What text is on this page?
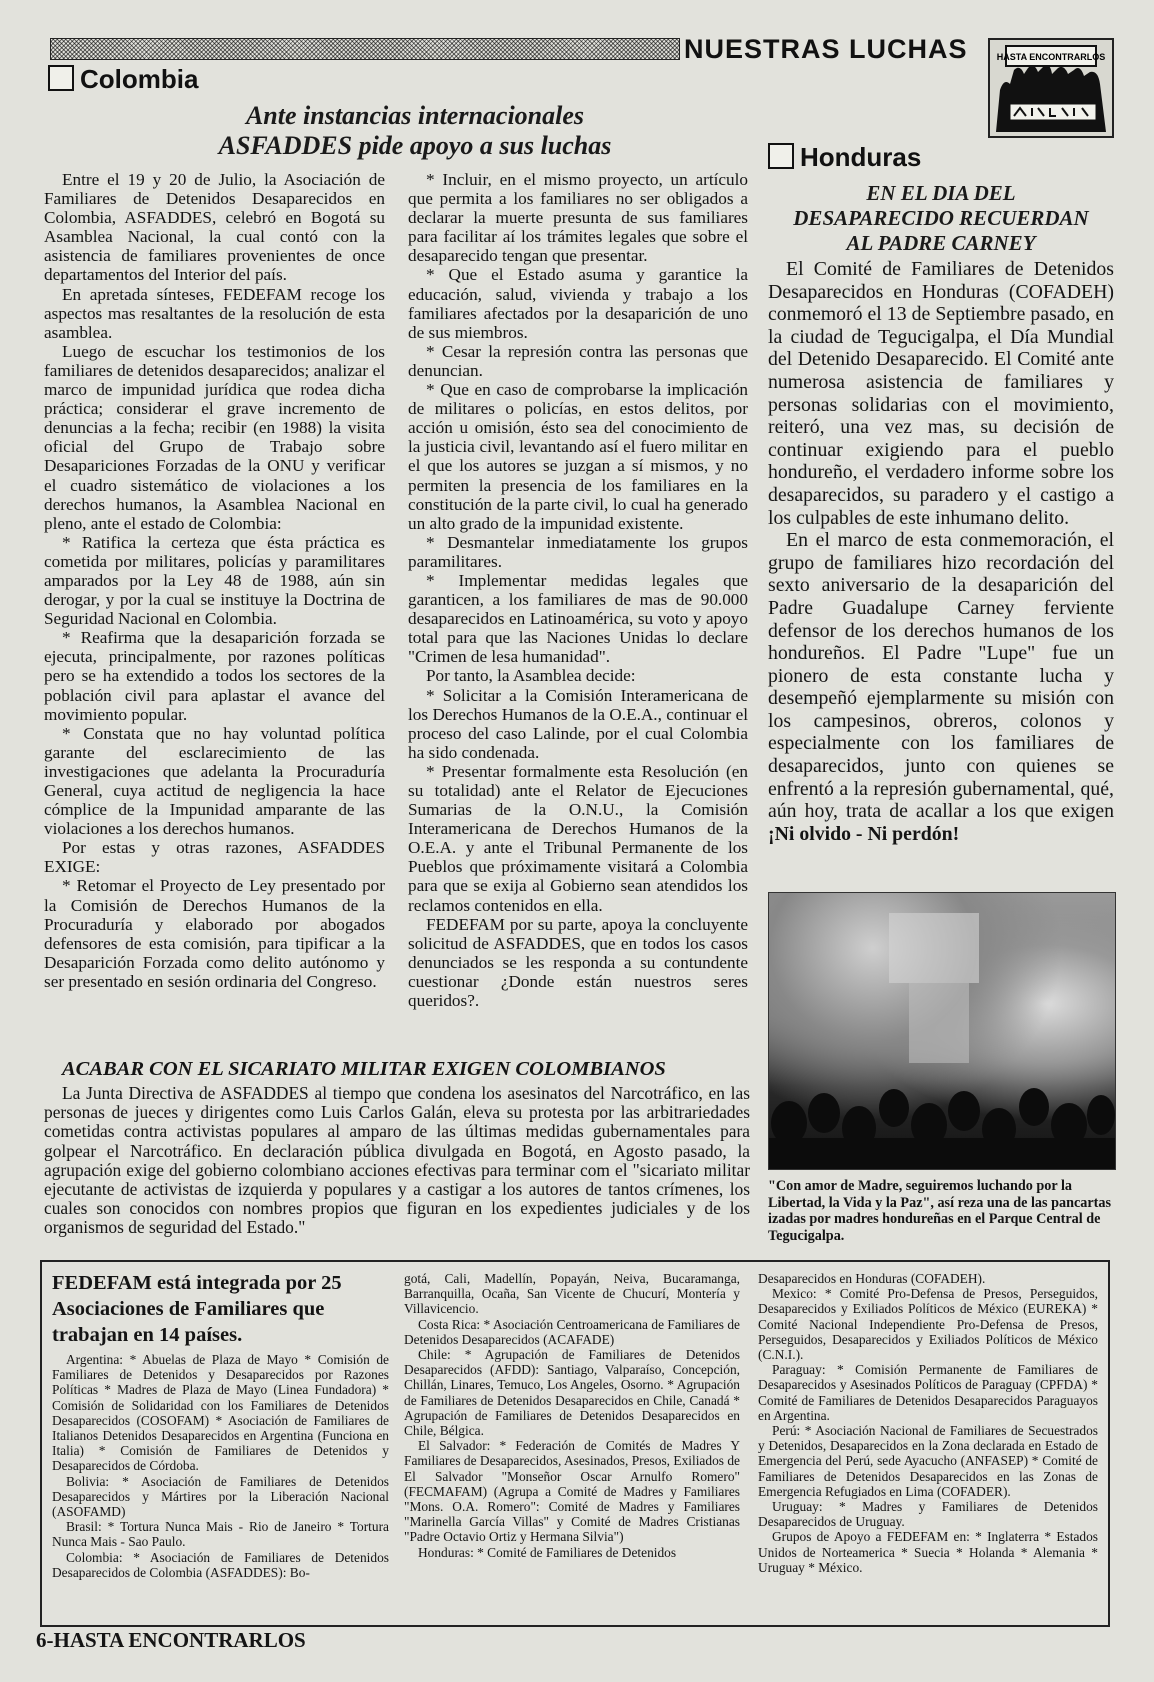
NUESTRAS LUCHAS	HASTA ENCONTRARLOS
Colombia
Ante instancias internacionales
ASFADDES pide apoyo a sus luchas

Entre el 19 y 20 de Julio, la Asociación de Familiares de Detenidos Desaparecidos en Colombia, ASFADDES, celebró en Bogotá su Asamblea Nacional, la cual contó con la asistencia de familiares provenientes de once departamentos del Interior del país.

En apretada sínteses, FEDEFAM recoge los aspectos mas resaltantes de la resolución de esta asamblea.

Luego de escuchar los testimonios de los familiares de detenidos desaparecidos; analizar el marco de impunidad jurídica que rodea dicha práctica; considerar el grave incremento de denuncias a la fecha; recibir (en 1988) la visita oficial del Grupo de Trabajo sobre Desapariciones Forzadas de la ONU y verificar el cuadro sistemático de violaciones a los derechos humanos, la Asamblea Nacional en pleno, ante el estado de Colombia:

* Ratifica la certeza que ésta práctica es cometida por militares, policías y paramilitares amparados por la Ley 48 de 1988, aún sin derogar, y por la cual se instituye la Doctrina de Seguridad Nacional en Colombia.

* Reafirma que la desaparición forzada se ejecuta, principalmente, por razones políticas pero se ha extendido a todos los sectores de la población civil para aplastar el avance del movimiento popular.

* Constata que no hay voluntad política garante del esclarecimiento de las investigaciones que adelanta la Procuraduría General, cuya actitud de negligencia la hace cómplice de la Impunidad amparante de las violaciones a los derechos humanos.

Por estas y otras razones, ASFADDES EXIGE:

* Retomar el Proyecto de Ley presentado por la Comisión de Derechos Humanos de la Procuraduría y elaborado por abogados defensores de esta comisión, para tipificar a la Desaparición Forzada como delito autónomo y ser presentado en sesión ordinaria del Congreso.

* Incluir, en el mismo proyecto, un artículo que permita a los familiares no ser obligados a declarar la muerte presunta de sus familiares para facilitar aí los trámites legales que sobre el desaparecido tengan que presentar.

* Que el Estado asuma y garantice la educación, salud, vivienda y trabajo a los familiares afectados por la desaparición de uno de sus miembros.

* Cesar la represión contra las personas que denuncian.

* Que en caso de comprobarse la implicación de militares o policías, en estos delitos, por acción u omisión, ésto sea del conocimiento de la justicia civil, levantando así el fuero militar en el que los autores se juzgan a sí mismos, y no permiten la presencia de los familiares en la constitución de la parte civil, lo cual ha generado un alto grado de la impunidad existente.

* Desmantelar inmediatamente los grupos paramilitares.

* Implementar medidas legales que garanticen, a los familiares de mas de 90.000 desaparecidos en Latinoamérica, su voto y apoyo total para que las Naciones Unidas lo declare "Crimen de lesa humanidad".

Por tanto, la Asamblea decide:

* Solicitar a la Comisión Interamericana de los Derechos Humanos de la O.E.A., continuar el proceso del caso Lalinde, por el cual Colombia ha sido condenada.

* Presentar formalmente esta Resolución (en su totalidad) ante el Relator de Ejecuciones Sumarias de la O.N.U., la Comisión Interamericana de Derechos Humanos de la O.E.A. y ante el Tribunal Permanente de los Pueblos que próximamente visitará a Colombia para que se exija al Gobierno sean atendidos los reclamos contenidos en ella.

FEDEFAM por su parte, apoya la concluyente solicitud de ASFADDES, que en todos los casos denunciados se les responda a su contundente cuestionar ¿Donde están nuestros seres queridos?.

ACABAR CON EL SICARIATO MILITAR EXIGEN COLOMBIANOS
La Junta Directiva de ASFADDES al tiempo que condena los asesinatos del Narcotráfico, en las personas de jueces y dirigentes como Luis Carlos Galán, eleva su protesta por las arbitrariedades cometidas contra activistas populares al amparo de las últimas medidas gubernamentales para golpear el Narcotráfico. En declaración pública divulgada en Bogotá, en Agosto pasado, la agrupación exige del gobierno colombiano acciones efectivas para terminar com el "sicariato militar ejecutante de activistas de izquierda y populares y a castigar a los autores de tantos crímenes, los cuales son conocidos con nombres propios que figuran en los expedientes judiciales y de los organismos de seguridad del Estado."
Honduras
EN EL DIA DEL
DESAPARECIDO RECUERDAN
AL PADRE CARNEY

El Comité de Familiares de Detenidos Desaparecidos en Honduras (COFADEH) conmemoró el 13 de Septiembre pasado, en la ciudad de Tegucigalpa, el Día Mundial del Detenido Desaparecido. El Comité ante numerosa asistencia de familiares y personas solidarias con el movimiento, reiteró, una vez mas, su decisión de continuar exigiendo para el pueblo hondureño, el verdadero informe sobre los desaparecidos, su paradero y el castigo a los culpables de este inhumano delito.

En el marco de esta conmemoración, el grupo de familiares hizo recordación del sexto aniversario de la desaparición del Padre Guadalupe Carney ferviente defensor de los derechos humanos de los hondureños. El Padre "Lupe" fue un pionero de esta constante lucha y desempeñó ejemplarmente su misión con los campesinos, obreros, colonos y especialmente con los familiares de desaparecidos, junto con quienes se enfrentó a la represión gubernamental, qué, aún hoy, trata de acallar a los que exigen ¡Ni olvido - Ni perdón!

"Con amor de Madre, seguiremos luchando por la Libertad, la Vida y la Paz", así reza una de las pancartas izadas por madres hondureñas en el Parque Central de Tegucigalpa.
FEDEFAM está integrada por 25 Asociaciones de Familiares que trabajan en 14 países.

Argentina: * Abuelas de Plaza de Mayo * Comisión de Familiares de Detenidos y Desaparecidos por Razones Políticas * Madres de Plaza de Mayo (Linea Fundadora) * Comisión de Solidaridad con los Familiares de Detenidos Desaparecidos (COSOFAM) * Asociación de Familiares de Italianos Detenidos Desaparecidos en Argentina (Funciona en Italia) * Comisión de Familiares de Detenidos y Desaparecidos de Córdoba.

Bolivia: * Asociación de Familiares de Detenidos Desaparecidos y Mártires por la Liberación Nacional (ASOFAMD)

Brasil: * Tortura Nunca Mais - Rio de Janeiro * Tortura Nunca Mais - Sao Paulo.

Colombia: * Asociación de Familiares de Detenidos Desaparecidos de Colombia (ASFADDES): Bo-

gotá, Cali, Madellín, Popayán, Neiva, Bucaramanga, Barranquilla, Ocaña, San Vicente de Chucurí, Montería y Villavicencio.

Costa Rica: * Asociación Centroamericana de Familiares de Detenidos Desaparecidos (ACAFADE)

Chile: * Agrupación de Familiares de Detenidos Desaparecidos (AFDD): Santiago, Valparaíso, Concepción, Chillán, Linares, Temuco, Los Angeles, Osorno. * Agrupación de Familiares de Detenidos Desaparecidos en Chile, Canadá * Agrupación de Familiares de Detenidos Desaparecidos en Chile, Bélgica.

El Salvador: * Federación de Comités de Madres Y Familiares de Desaparecidos, Asesinados, Presos, Exiliados de El Salvador "Monseñor Oscar Arnulfo Romero" (FECMAFAM) (Agrupa a Comité de Madres y Familiares "Mons. O.A. Romero": Comité de Madres y Familiares "Marinella García Villas" y Comité de Madres Cristianas "Padre Octavio Ortiz y Hermana Silvia")

Honduras: * Comité de Familiares de Detenidos

Desaparecidos en Honduras (COFADEH).

Mexico: * Comité Pro-Defensa de Presos, Perseguidos, Desaparecidos y Exiliados Políticos de México (EUREKA) * Comité Nacional Independiente Pro-Defensa de Presos, Perseguidos, Desaparecidos y Exiliados Políticos de México (C.N.I.).

Paraguay: * Comisión Permanente de Familiares de Desaparecidos y Asesinados Políticos de Paraguay (CPFDA) * Comité de Familiares de Detenidos Desaparecidos Paraguayos en Argentina.

Perú: * Asociación Nacional de Familiares de Secuestrados y Detenidos, Desaparecidos en la Zona declarada en Estado de Emergencia del Perú, sede Ayacucho (ANFASEP) * Comité de Familiares de Detenidos Desaparecidos en las Zonas de Emergencia Refugiados en Lima (COFADER).

Uruguay: * Madres y Familiares de Detenidos Desaparecidos de Uruguay.

Grupos de Apoyo a FEDEFAM en: * Inglaterra * Estados Unidos de Norteamerica * Suecia * Holanda * Alemania * Uruguay * México.

6-HASTA ENCONTRARLOS
